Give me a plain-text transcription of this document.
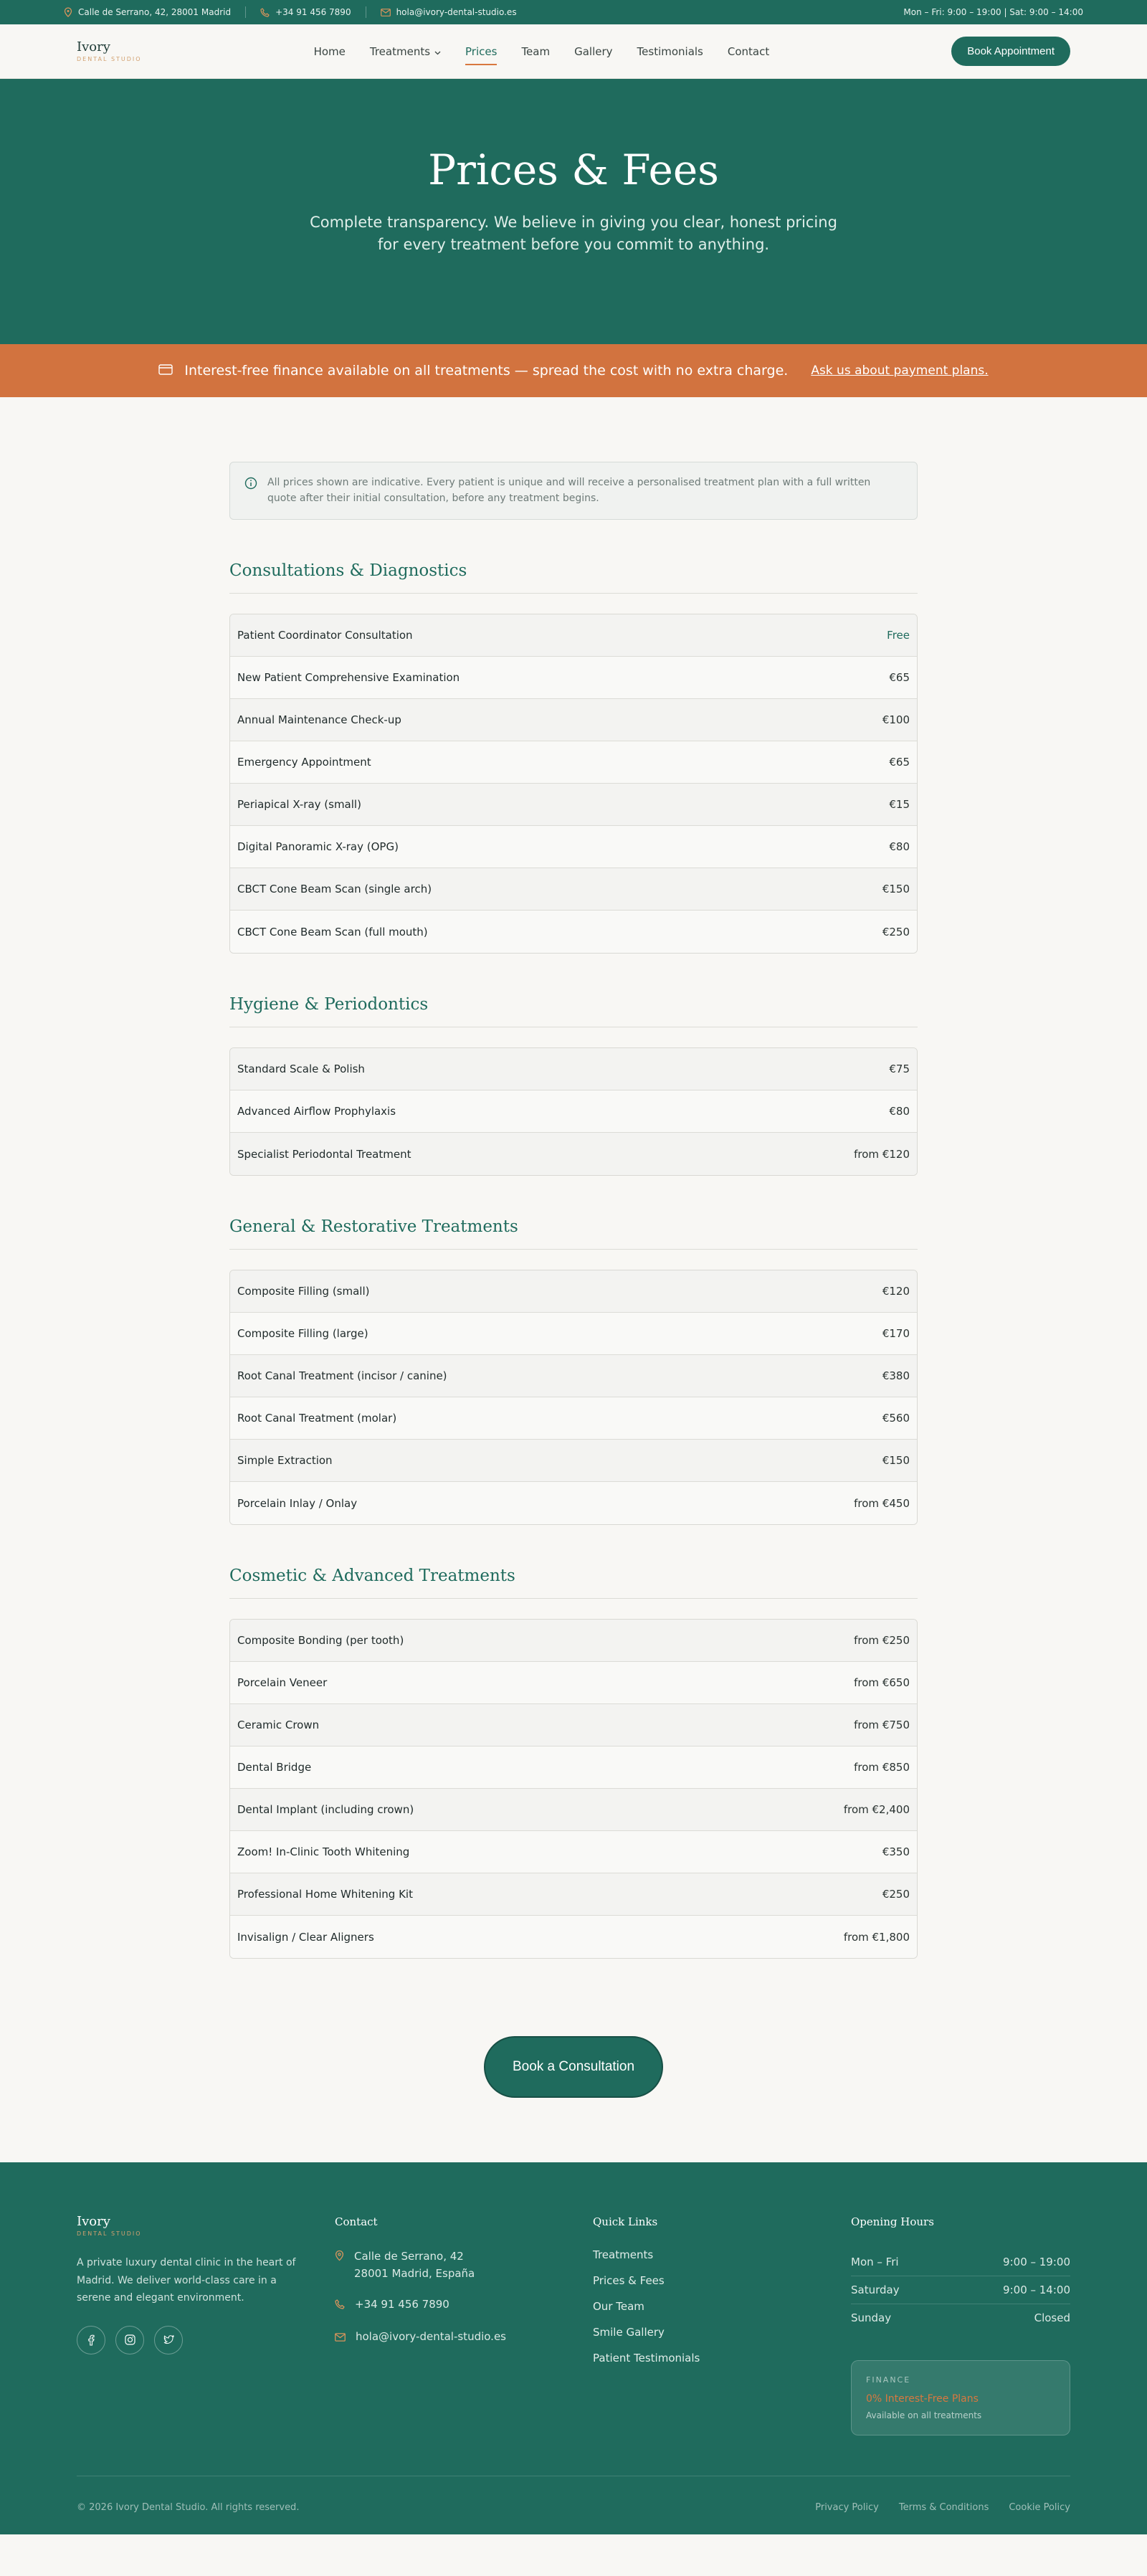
Calle de Serrano, 42, 28001 Madrid	+34 91 456 7890	hola@ivory-dental-studio.es	Mon – Fri: 9:00 – 19:00 | Sat: 9:00 – 14:00
Ivory
DENTAL STUDIO
Home Treatments	Prices Team Gallery Testimonials Contact	Book Appointment
Prices & Fees

Complete transparency. We believe in giving you clear, honest pricing for every treatment before you commit to anything.

Interest-free finance available on all treatments — spread the cost with no extra charge. Ask us about payment plans.
All prices shown are indicative. Every patient is unique and will receive a personalised treatment plan with a full written quote after their initial consultation, before any treatment begins.
Consultations & Diagnostics
Patient Coordinator Consultation	Free
New Patient Comprehensive Examination	€65
Annual Maintenance Check-up	€100
Emergency Appointment	€65
Periapical X-ray (small)	€15
Digital Panoramic X-ray (OPG)	€80
CBCT Cone Beam Scan (single arch)	€150
CBCT Cone Beam Scan (full mouth)	€250
Hygiene & Periodontics
Standard Scale & Polish	€75
Advanced Airflow Prophylaxis	€80
Specialist Periodontal Treatment	from €120
General & Restorative Treatments
Composite Filling (small)	€120
Composite Filling (large)	€170
Root Canal Treatment (incisor / canine)	€380
Root Canal Treatment (molar)	€560
Simple Extraction	€150
Porcelain Inlay / Onlay	from €450
Cosmetic & Advanced Treatments
Composite Bonding (per tooth)	from €250
Porcelain Veneer	from €650
Ceramic Crown	from €750
Dental Bridge	from €850
Dental Implant (including crown)	from €2,400
Zoom! In-Clinic Tooth Whitening	€350
Professional Home Whitening Kit	€250
Invisalign / Clear Aligners	from €1,800
Book a Consultation
Ivory
DENTAL STUDIO
A private luxury dental clinic in the heart of Madrid. We deliver world-class care in a serene and elegant environment.
Contact
Calle de Serrano, 42
28001 Madrid, España
+34 91 456 7890
hola@ivory-dental-studio.es
Quick Links
Treatments
Prices & Fees
Our Team
Smile Gallery
Patient Testimonials
Opening Hours
Mon – Fri	9:00 – 19:00
Saturday	9:00 – 14:00
Sunday	Closed
FINANCE
0% Interest-Free Plans
Available on all treatments
© 2026 Ivory Dental Studio. All rights reserved.	Privacy Policy Terms & Conditions Cookie Policy
